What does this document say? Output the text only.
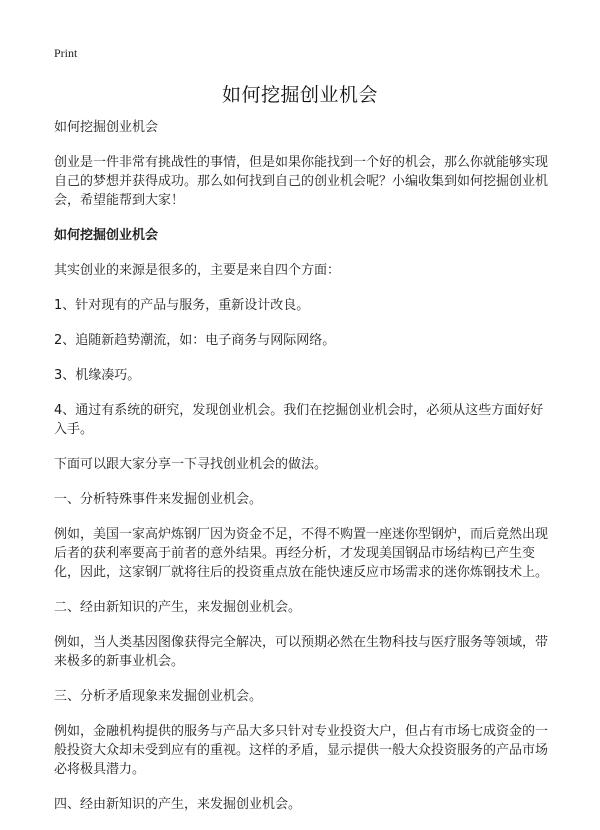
Print
如何挖掘创业机会

如何挖掘创业机会

创业是一件非常有挑战性的事情，但是如果你能找到一个好的机会，那么你就能够实现自己的梦想并获得成功。那么如何找到自己的创业机会呢？小编收集到如何挖掘创业机会，希望能帮到大家！

如何挖掘创业机会

其实创业的来源是很多的，主要是来自四个方面：

1、针对现有的产品与服务，重新设计改良。

2、追随新趋势潮流，如：电子商务与网际网络。

3、机缘凑巧。

4、通过有系统的研究，发现创业机会。我们在挖掘创业机会时，必须从这些方面好好入手。

下面可以跟大家分享一下寻找创业机会的做法。

一、分析特殊事件来发掘创业机会。

例如，美国一家高炉炼钢厂因为资金不足，不得不购置一座迷你型钢炉，而后竟然出现后者的获利率要高于前者的意外结果。再经分析，才发现美国钢品市场结构已产生变化，因此，这家钢厂就将往后的投资重点放在能快速反应市场需求的迷你炼钢技术上。

二、经由新知识的产生，来发掘创业机会。

例如，当人类基因图像获得完全解决，可以预期必然在生物科技与医疗服务等领域，带来极多的新事业机会。

三、分析矛盾现象来发掘创业机会。

例如，金融机构提供的服务与产品大多只针对专业投资大户，但占有市场七成资金的一般投资大众却未受到应有的重视。这样的矛盾，显示提供一般大众投资服务的产品市场必将极具潜力。

四、经由新知识的产生，来发掘创业机会。
